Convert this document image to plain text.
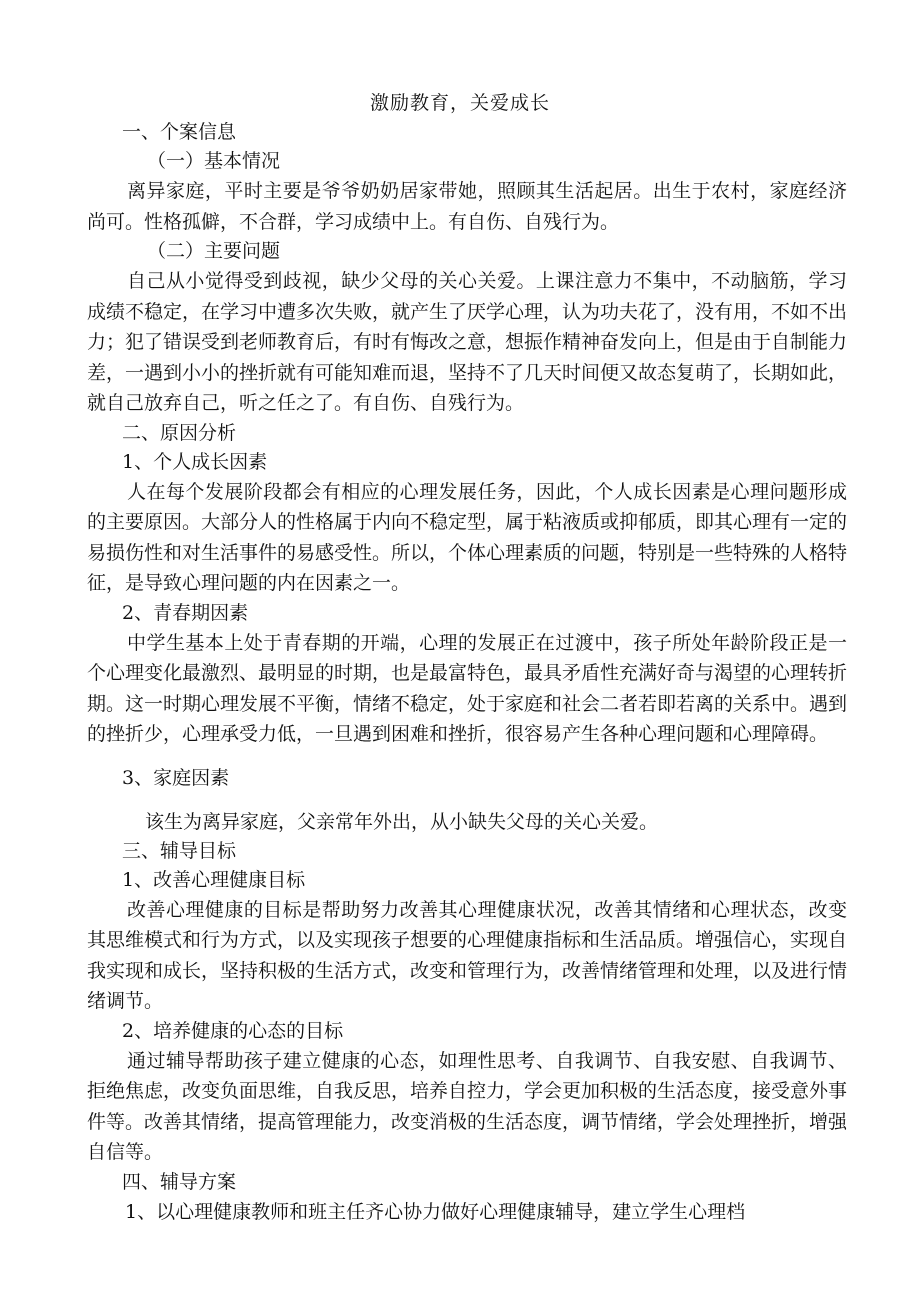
激励教育，关爱成长
一、个案信息
（一）基本情况

离异家庭，平时主要是爷爷奶奶居家带她，照顾其生活起居。出生于农村，家庭经济尚可。性格孤僻，不合群，学习成绩中上。有自伤、自残行为。

（二）主要问题

自己从小觉得受到歧视，缺少父母的关心关爱。上课注意力不集中，不动脑筋，学习成绩不稳定，在学习中遭多次失败，就产生了厌学心理，认为功夫花了，没有用，不如不出力；犯了错误受到老师教育后，有时有悔改之意，想振作精神奋发向上，但是由于自制能力差，一遇到小小的挫折就有可能知难而退，坚持不了几天时间便又故态复萌了，长期如此，就自己放弃自己，听之任之了。有自伤、自残行为。

二、原因分析
1、个人成长因素

人在每个发展阶段都会有相应的心理发展任务，因此，个人成长因素是心理问题形成的主要原因。大部分人的性格属于内向不稳定型，属于粘液质或抑郁质，即其心理有一定的易损伤性和对生活事件的易感受性。所以，个体心理素质的问题，特别是一些特殊的人格特征，是导致心理问题的内在因素之一。

2、青春期因素

中学生基本上处于青春期的开端，心理的发展正在过渡中，孩子所处年龄阶段正是一个心理变化最激烈、最明显的时期，也是最富特色，最具矛盾性充满好奇与渴望的心理转折期。这一时期心理发展不平衡，情绪不稳定，处于家庭和社会二者若即若离的关系中。遇到的挫折少，心理承受力低，一旦遇到困难和挫折，很容易产生各种心理问题和心理障碍。

3、家庭因素

该生为离异家庭，父亲常年外出，从小缺失父母的关心关爱。

三、辅导目标
1、改善心理健康目标

改善心理健康的目标是帮助努力改善其心理健康状况，改善其情绪和心理状态，改变其思维模式和行为方式，以及实现孩子想要的心理健康指标和生活品质。增强信心，实现自我实现和成长，坚持积极的生活方式，改变和管理行为，改善情绪管理和处理，以及进行情绪调节。

2、培养健康的心态的目标

通过辅导帮助孩子建立健康的心态，如理性思考、自我调节、自我安慰、自我调节、拒绝焦虑，改变负面思维，自我反思，培养自控力，学会更加积极的生活态度，接受意外事件等。改善其情绪，提高管理能力，改变消极的生活态度，调节情绪，学会处理挫折，增强自信等。

四、辅导方案

1、以心理健康教师和班主任齐心协力做好心理健康辅导，建立学生心理档
